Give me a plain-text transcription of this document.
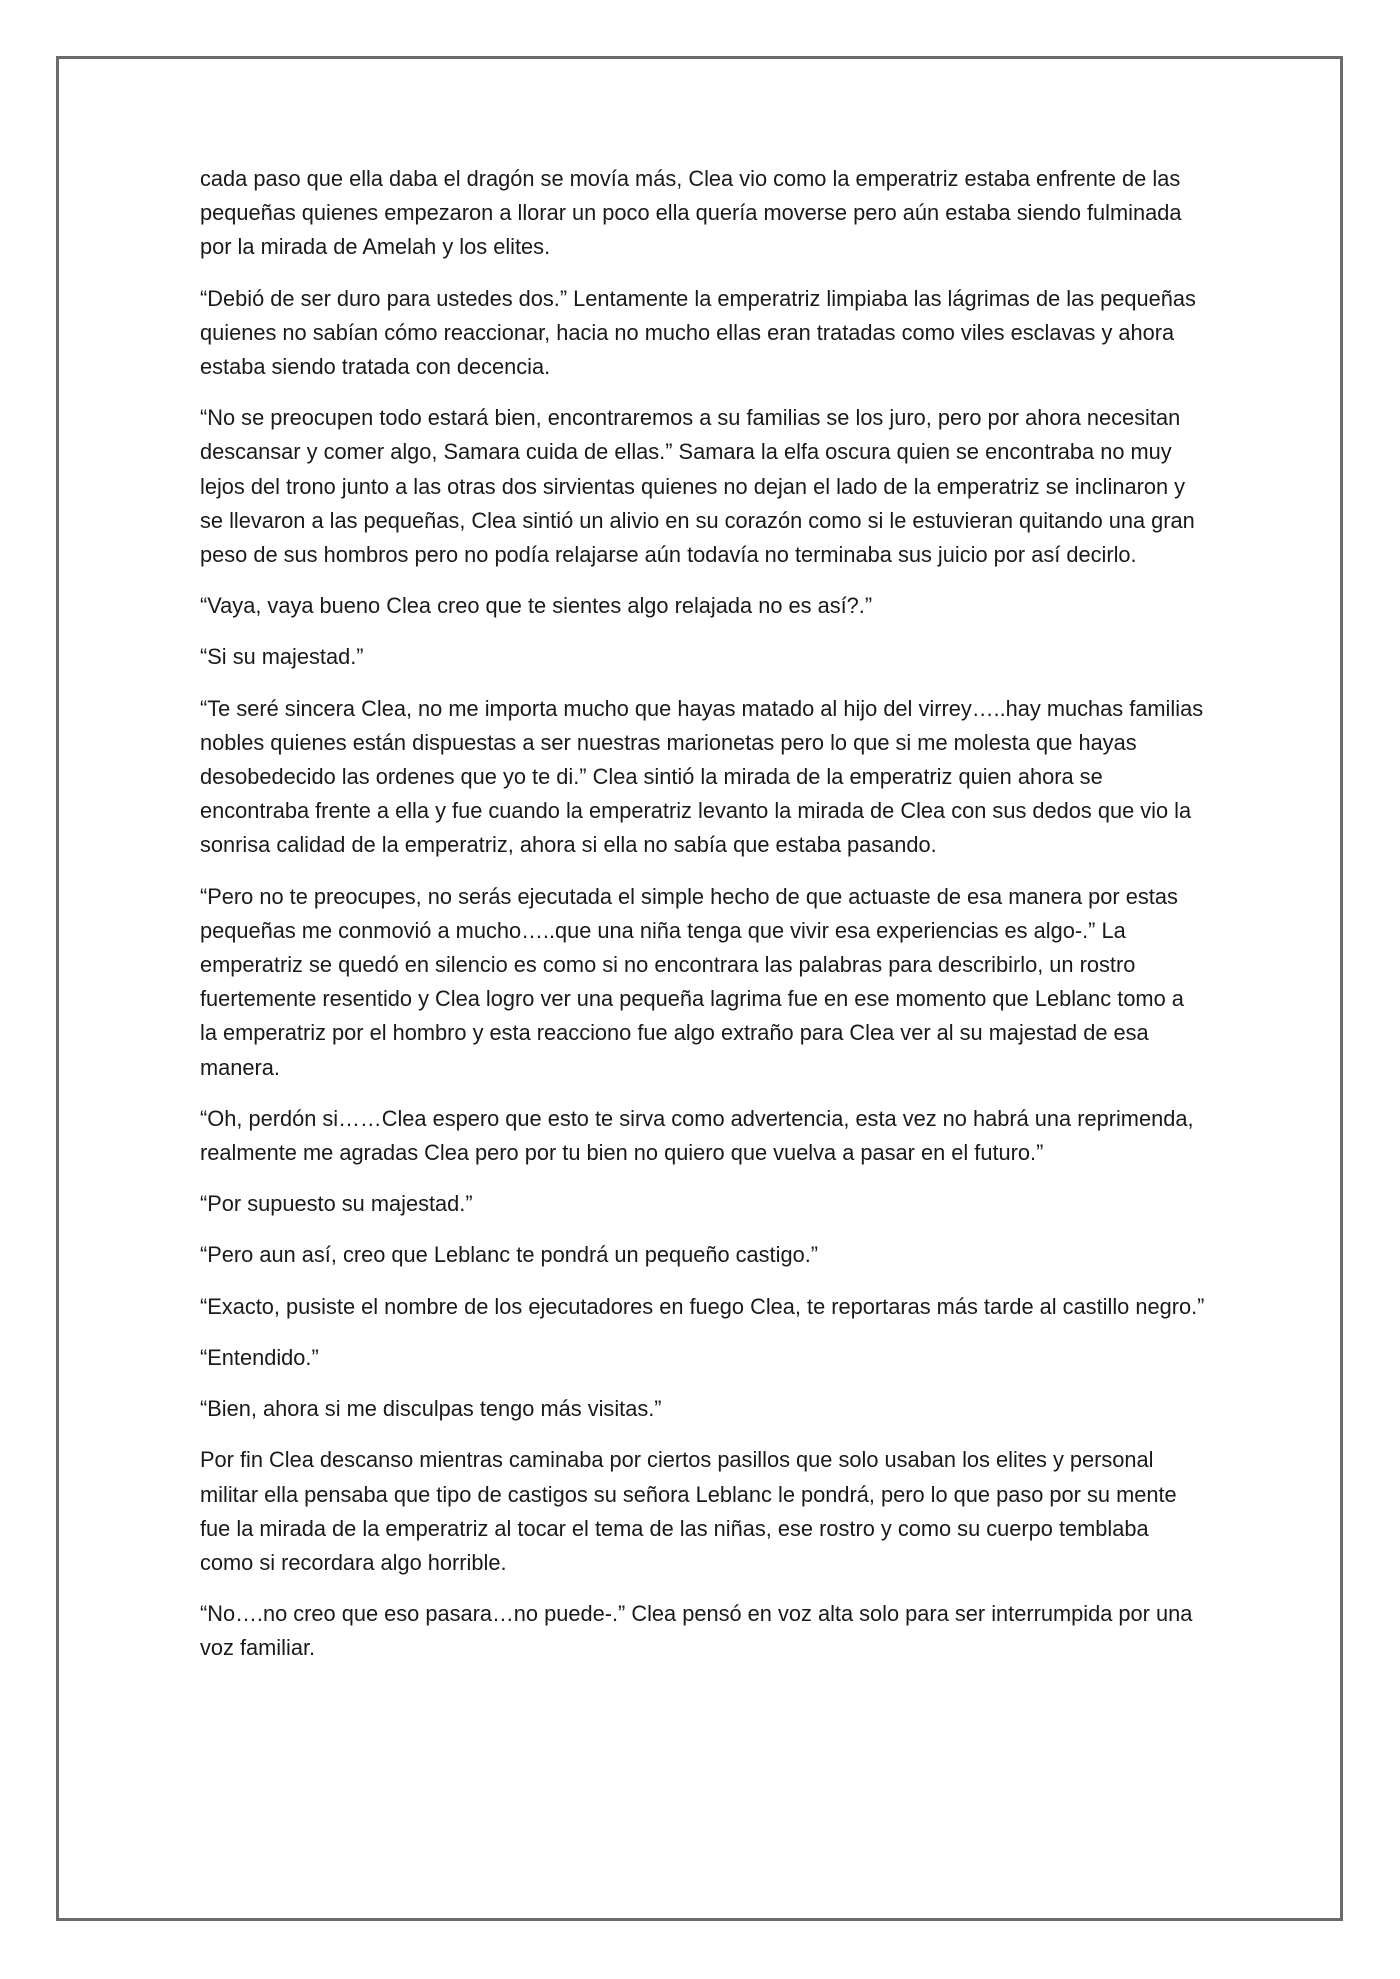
cada paso que ella daba el dragón se movía más, Clea vio como la emperatriz estaba enfrente de las pequeñas quienes empezaron a llorar un poco ella quería moverse pero aún estaba siendo fulminada por la mirada de Amelah y los elites.

“Debió de ser duro para ustedes dos.” Lentamente la emperatriz limpiaba las lágrimas de las pequeñas quienes no sabían cómo reaccionar, hacia no mucho ellas eran tratadas como viles esclavas y ahora estaba siendo tratada con decencia.

“No se preocupen todo estará bien, encontraremos a su familias se los juro, pero por ahora necesitan descansar y comer algo, Samara cuida de ellas.” Samara la elfa oscura quien se encontraba no muy lejos del trono junto a las otras dos sirvientas quienes no dejan el lado de la emperatriz se inclinaron y se llevaron a las pequeñas, Clea sintió un alivio en su corazón como si le estuvieran quitando una gran peso de sus hombros pero no podía relajarse aún todavía no terminaba sus juicio por así decirlo.

“Vaya, vaya bueno Clea creo que te sientes algo relajada no es así?.”

“Si su majestad.”

“Te seré sincera Clea, no me importa mucho que hayas matado al hijo del virrey…..hay muchas familias nobles quienes están dispuestas a ser nuestras marionetas pero lo que si me molesta que hayas desobedecido las ordenes que yo te di.” Clea sintió la mirada de la emperatriz quien ahora se encontraba frente a ella y fue cuando la emperatriz levanto la mirada de Clea con sus dedos que vio la sonrisa calidad de la emperatriz, ahora si ella no sabía que estaba pasando.

“Pero no te preocupes, no serás ejecutada el simple hecho de que actuaste de esa manera por estas pequeñas me conmovió a mucho…..que una niña tenga que vivir esa experiencias es algo-.” La emperatriz se quedó en silencio es como si no encontrara las palabras para describirlo, un rostro fuertemente resentido y Clea logro ver una pequeña lagrima fue en ese momento que Leblanc tomo a la emperatriz por el hombro y esta reacciono fue algo extraño para Clea ver al su majestad de esa manera.

“Oh, perdón si……Clea espero que esto te sirva como advertencia, esta vez no habrá una reprimenda, realmente me agradas Clea pero por tu bien no quiero que vuelva a pasar en el futuro.”

“Por supuesto su majestad.”

“Pero aun así, creo que Leblanc te pondrá un pequeño castigo.”

“Exacto, pusiste el nombre de los ejecutadores en fuego Clea, te reportaras más tarde al castillo negro.”

“Entendido.”

“Bien, ahora si me disculpas tengo más visitas.”

Por fin Clea descanso mientras caminaba por ciertos pasillos que solo usaban los elites y personal militar ella pensaba que tipo de castigos su señora Leblanc le pondrá, pero lo que paso por su mente fue la mirada de la emperatriz al tocar el tema de las niñas, ese rostro y como su cuerpo temblaba como si recordara algo horrible.

“No….no creo que eso pasara…no puede-.” Clea pensó en voz alta solo para ser interrumpida por una voz familiar.
